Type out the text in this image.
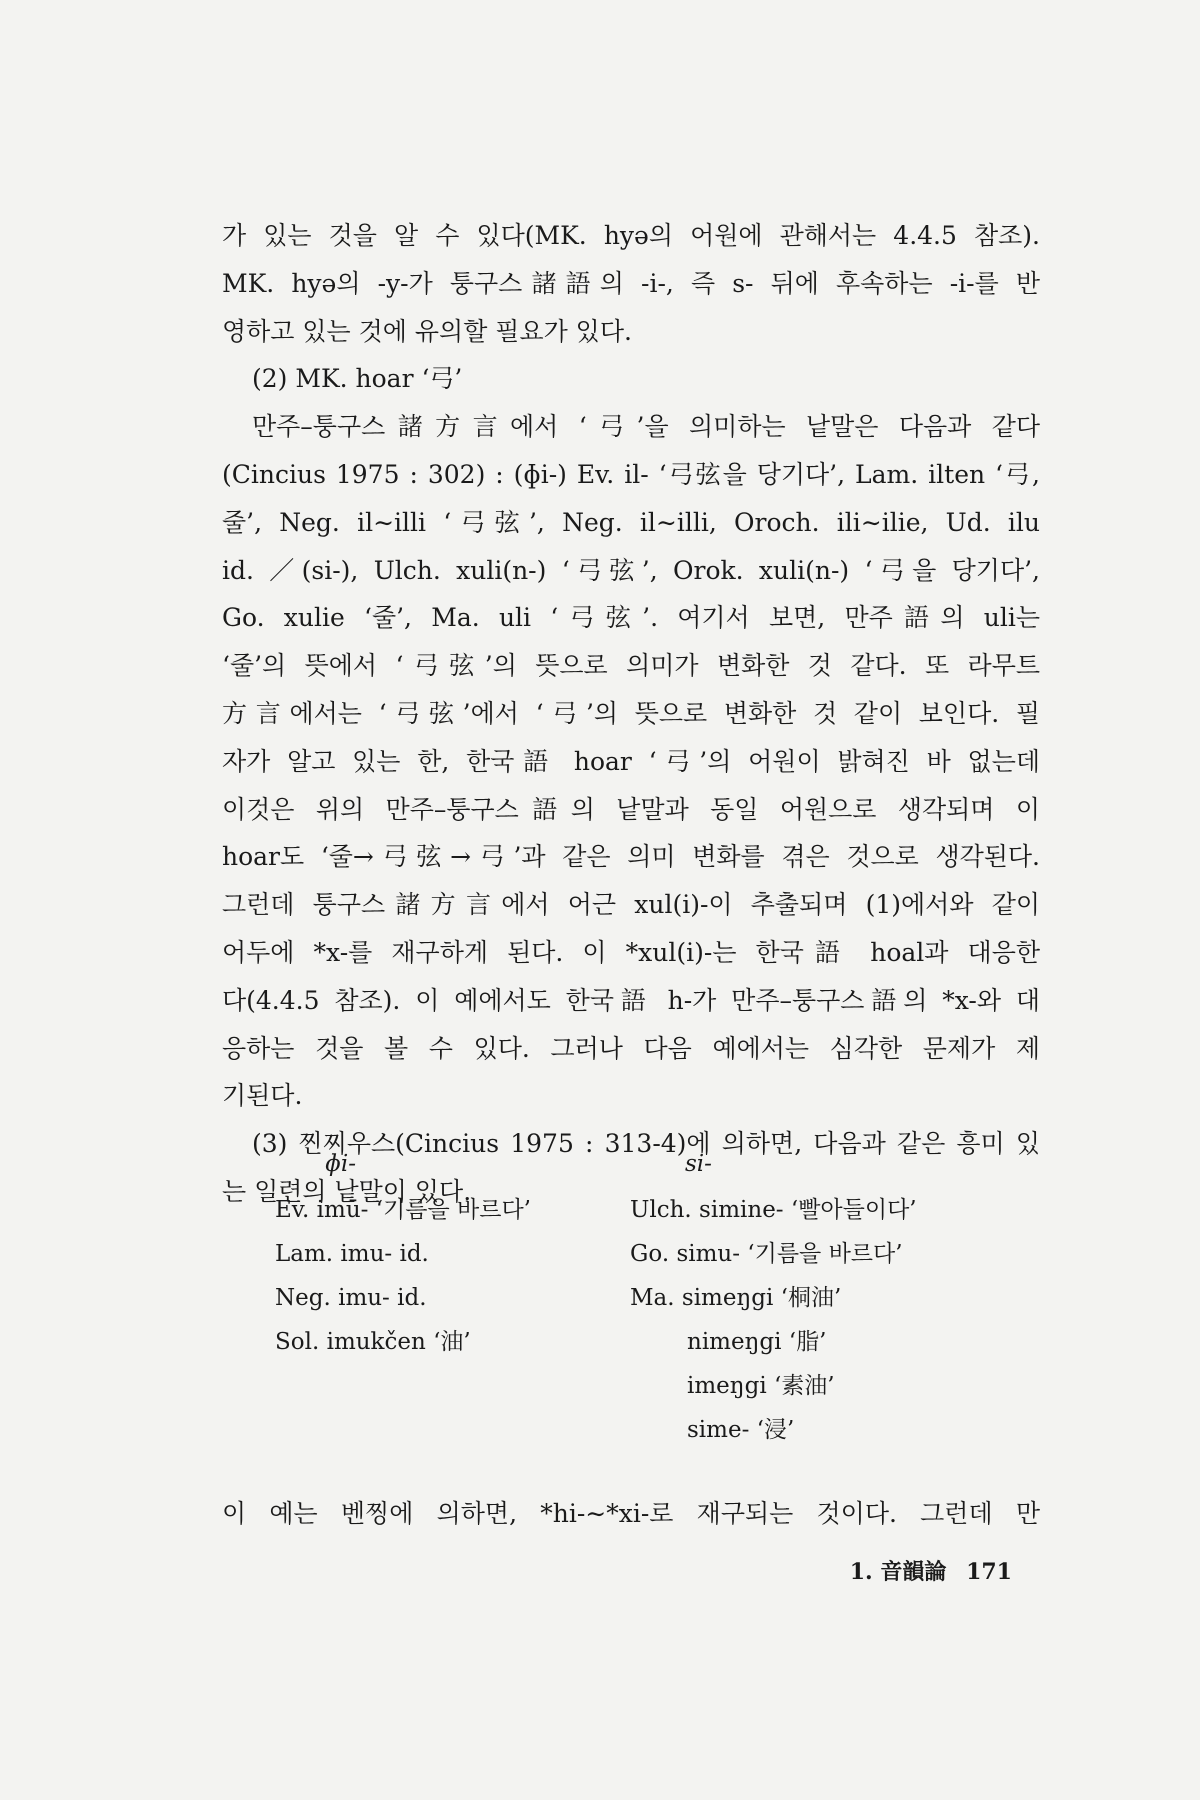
가 있는 것을 알 수 있다(MK. hyə의 어원에 관해서는 4.4.5 참조).
MK. hyə의 -y-가 퉁구스諸語의 -i-, 즉 s- 뒤에 후속하는 -i-를 반
영하고 있는 것에 유의할 필요가 있다.
(2) MK. hoar ‘弓’
만주–퉁구스諸方言에서 ‘弓’을 의미하는 낱말은 다음과 같다
(Cincius 1975 : 302) : (ɸi-) Ev. il- ‘弓弦을 당기다’, Lam. ilten ‘弓,
줄’, Neg. il∼illi ‘弓弦’, Neg. il∼illi, Oroch. ili∼ilie, Ud. ilu
id. ／(si-), Ulch. xuli(n-) ‘弓弦’, Orok. xuli(n-) ‘弓을 당기다’,
Go. xulie ‘줄’, Ma. uli ‘弓弦’. 여기서 보면, 만주語의 uli는
‘줄’의 뜻에서 ‘弓弦’의 뜻으로 의미가 변화한 것 같다. 또 라무트
方言에서는 ‘弓弦’에서 ‘弓’의 뜻으로 변화한 것 같이 보인다. 필
자가 알고 있는 한, 한국語 hoar ‘弓’의 어원이 밝혀진 바 없는데
이것은 위의 만주–퉁구스語의 낱말과 동일 어원으로 생각되며 이
hoar도 ‘줄→弓弦→弓’과 같은 의미 변화를 겪은 것으로 생각된다.
그런데 퉁구스諸方言에서 어근 xul(i)-이 추출되며 (1)에서와 같이
어두에 *x-를 재구하게 된다. 이 *xul(i)-는 한국語 hoal과 대응한
다(4.4.5 참조). 이 예에서도 한국語 h-가 만주–퉁구스語의 *x-와 대
응하는 것을 볼 수 있다. 그러나 다음 예에서는 심각한 문제가 제
기된다.
(3) 찐찌우스(Cincius 1975 : 313-4)에 의하면, 다음과 같은 흥미 있
는 일련의 낱말이 있다.
ɸi-
Ev. imū- ‘기름을 바르다’
Lam. imu- id.
Neg. imu- id.
Sol. imukčen ‘油’
si-
Ulch. simine- ‘빨아들이다’
Go. simu- ‘기름을 바르다’
Ma. simeŋgi ‘桐油’
nimeŋgi ‘脂’
imeŋgi ‘素油’
sime- ‘浸’
이 예는 벤찡에 의하면, *hi-∼*xi-로 재구되는 것이다. 그런데 만
1. 音韻論 171
